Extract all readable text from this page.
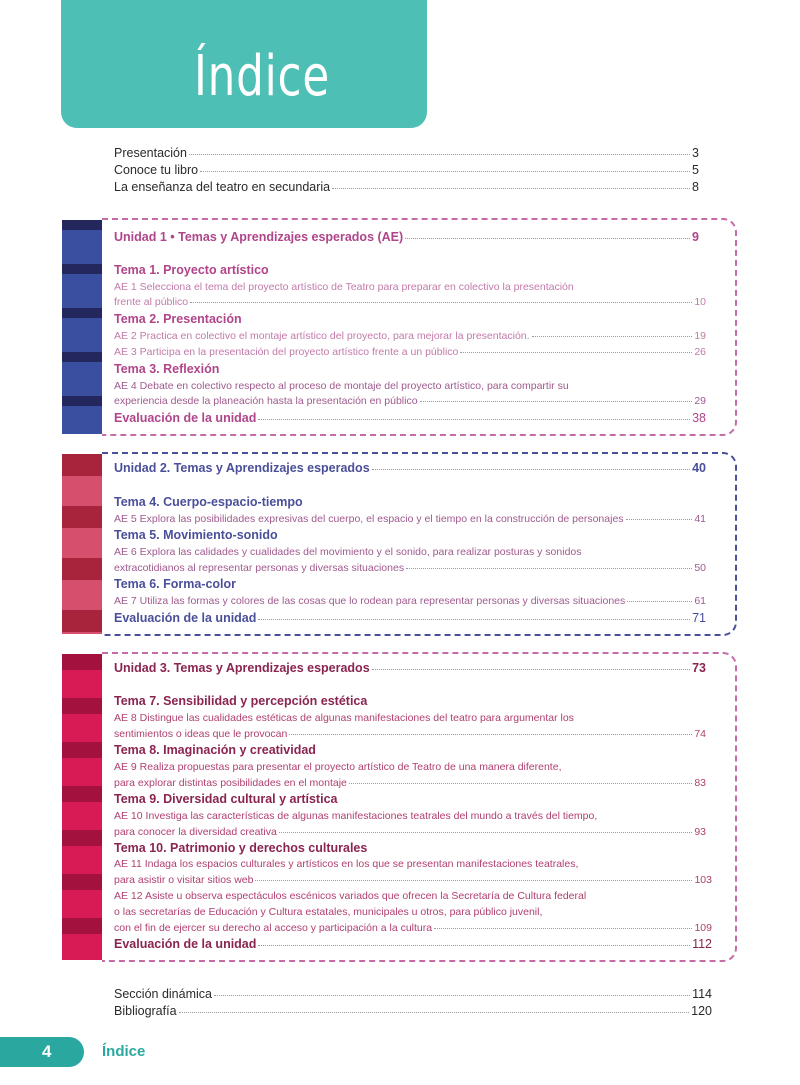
Índice
Presentación	3
Conoce tu libro	5
La enseñanza del teatro en secundaria	8
Unidad 1 • Temas y Aprendizajes esperados (AE)	9
Tema 1. Proyecto artístico
AE 1 Selecciona el tema del proyecto artístico de Teatro para preparar en colectivo la presentación
frente al público	10
Tema 2. Presentación
AE 2 Practica en colectivo el montaje artístico del proyecto, para mejorar la presentación.	19
AE 3 Participa en la presentación del proyecto artístico frente a un público	26
Tema 3. Reflexión
AE 4 Debate en colectivo respecto al proceso de montaje del proyecto artístico, para compartir su
experiencia desde la planeación hasta la presentación en público	29
Evaluación de la unidad	38
Unidad 2. Temas y Aprendizajes esperados	40
Tema 4. Cuerpo-espacio-tiempo
AE 5 Explora las posibilidades expresivas del cuerpo, el espacio y el tiempo en la construcción de personajes	41
Tema 5. Movimiento-sonido
AE 6 Explora las calidades y cualidades del movimiento y el sonido, para realizar posturas y sonidos
extracotidianos al representar personas y diversas situaciones	50
Tema 6. Forma-color
AE 7 Utiliza las formas y colores de las cosas que lo rodean para representar personas y diversas situaciones	61
Evaluación de la unidad	71
Unidad 3. Temas y Aprendizajes esperados	73
Tema 7. Sensibilidad y percepción estética
AE 8 Distingue las cualidades estéticas de algunas manifestaciones del teatro para argumentar los
sentimientos o ideas que le provocan	74
Tema 8. Imaginación y creatividad
AE 9 Realiza propuestas para presentar el proyecto artístico de Teatro de una manera diferente,
para explorar distintas posibilidades en el montaje	83
Tema 9. Diversidad cultural y artística
AE 10 Investiga las características de algunas manifestaciones teatrales del mundo a través del tiempo,
para conocer la diversidad creativa	93
Tema 10. Patrimonio y derechos culturales
AE 11 Indaga los espacios culturales y artísticos en los que se presentan manifestaciones teatrales,
para asistir o visitar sitios web	103
AE 12 Asiste u observa espectáculos escénicos variados que ofrecen la Secretaría de Cultura federal
o las secretarías de Educación y Cultura estatales, municipales u otros, para público juvenil,
con el fin de ejercer su derecho al acceso y participación a la cultura	109
Evaluación de la unidad	112
Sección dinámica	114
Bibliografía	120
4	Índice
